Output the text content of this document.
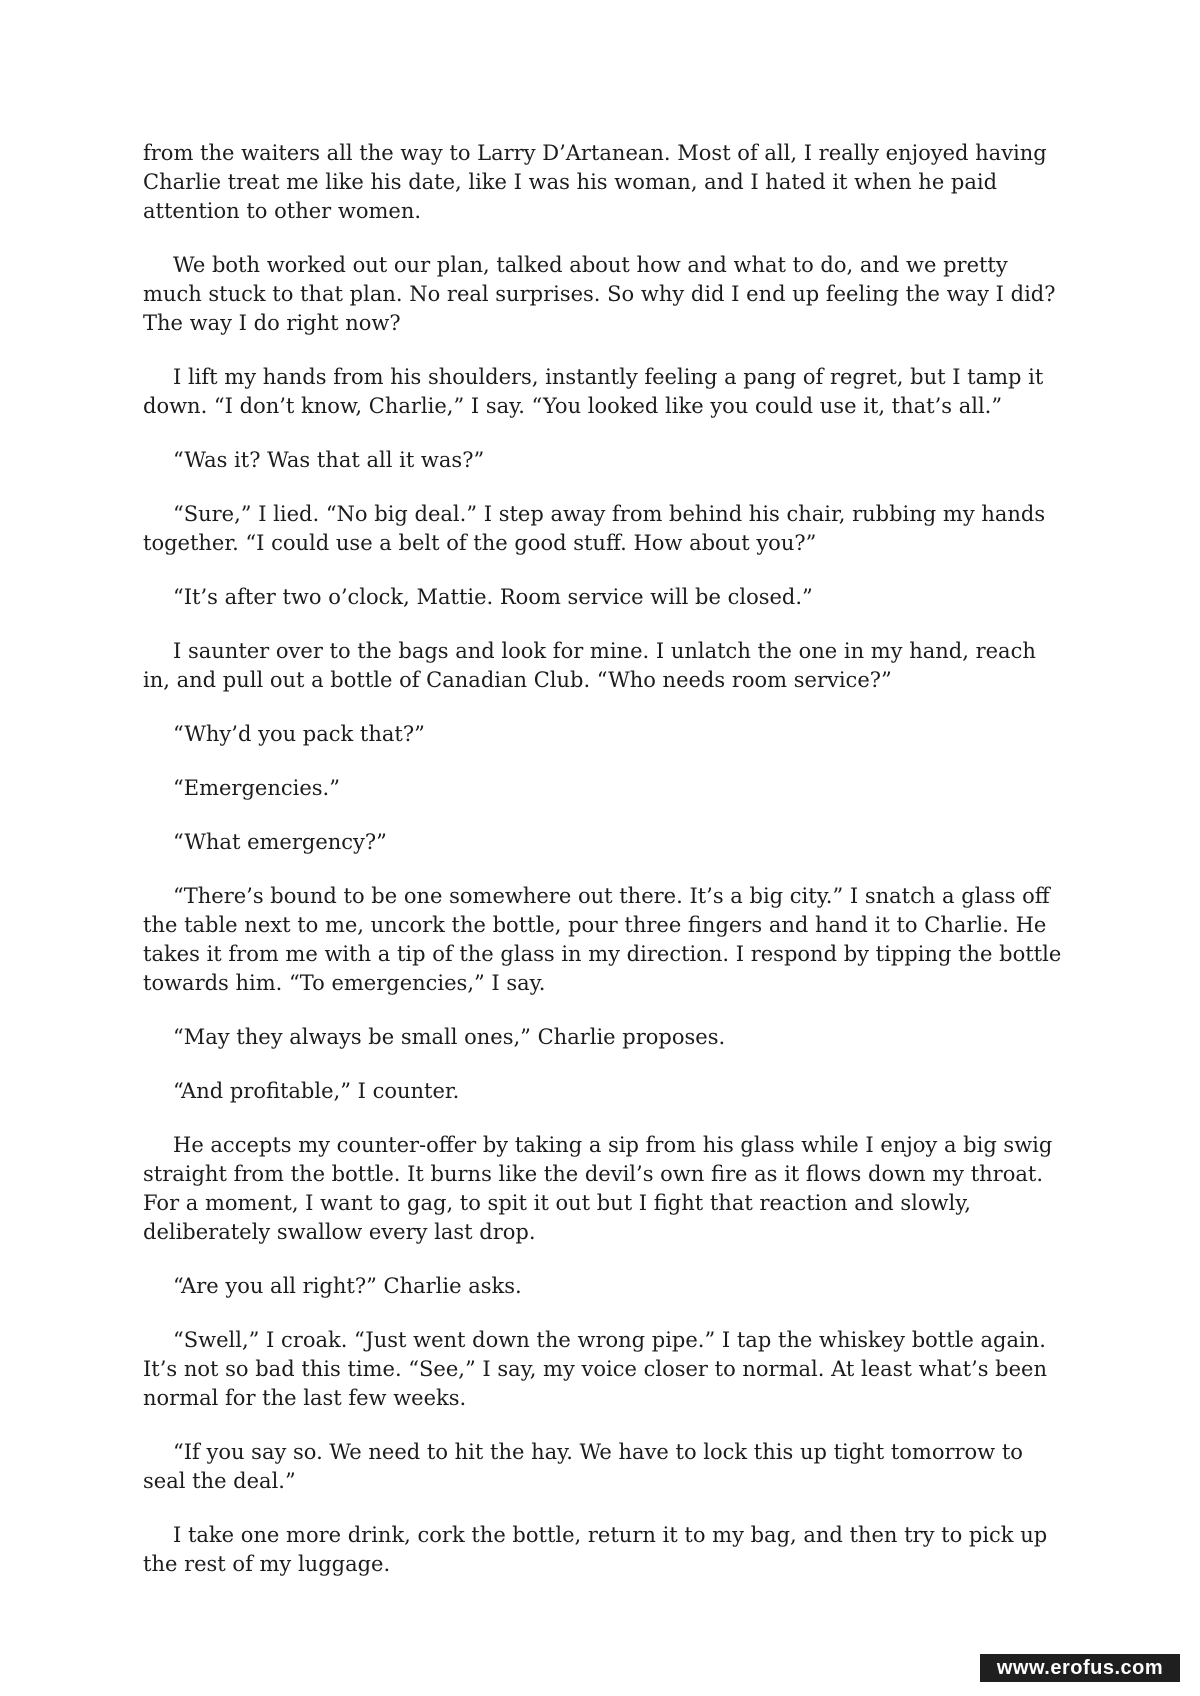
from the waiters all the way to Larry D’Artanean. Most of all, I really enjoyed having Charlie treat me like his date, like I was his woman, and I hated it when he paid attention to other women.

We both worked out our plan, talked about how and what to do, and we pretty much stuck to that plan. No real surprises. So why did I end up feeling the way I did? The way I do right now?

I lift my hands from his shoulders, instantly feeling a pang of regret, but I tamp it down. “I don’t know, Charlie,” I say. “You looked like you could use it, that’s all.”

“Was it? Was that all it was?”

“Sure,” I lied. “No big deal.” I step away from behind his chair, rubbing my hands together. “I could use a belt of the good stuff. How about you?”

“It’s after two o’clock, Mattie. Room service will be closed.”

I saunter over to the bags and look for mine. I unlatch the one in my hand, reach in, and pull out a bottle of Canadian Club. “Who needs room service?”

“Why’d you pack that?”

“Emergencies.”

“What emergency?”

“There’s bound to be one somewhere out there. It’s a big city.” I snatch a glass off the table next to me, uncork the bottle, pour three fingers and hand it to Charlie. He takes it from me with a tip of the glass in my direction. I respond by tipping the bottle towards him. “To emergencies,” I say.

“May they always be small ones,” Charlie proposes.

“And profitable,” I counter.

He accepts my counter-offer by taking a sip from his glass while I enjoy a big swig straight from the bottle. It burns like the devil’s own fire as it flows down my throat. For a moment, I want to gag, to spit it out but I fight that reaction and slowly, deliberately swallow every last drop.

“Are you all right?” Charlie asks.

“Swell,” I croak. “Just went down the wrong pipe.” I tap the whiskey bottle again. It’s not so bad this time. “See,” I say, my voice closer to normal. At least what’s been normal for the last few weeks.

“If you say so. We need to hit the hay. We have to lock this up tight tomorrow to seal the deal.”

I take one more drink, cork the bottle, return it to my bag, and then try to pick up the rest of my luggage.

www.erofus.com
